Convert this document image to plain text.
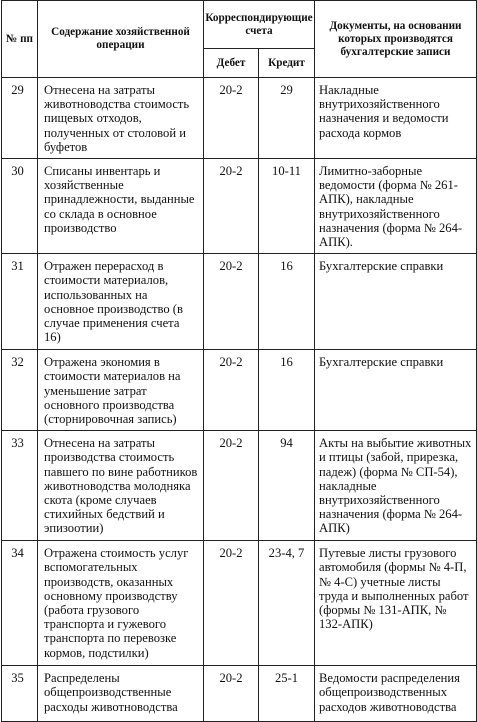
№ пп	Содержание хозяйственной операции	Корреспондирующие счета		Документы, на основании которых производятся бухгалтерские записи
		Дебет	Кредит	
29	Отнесена на затраты животноводства стоимость пищевых отходов, полученных от столовой и буфетов	20-2	29	Накладные внутрихозяйственного назначения и ведомости расхода кормов
30	Списаны инвентарь и хозяйственные принадлежности, выданные со склада в основное производство	20-2	10-11	Лимитно-заборные ведомости (форма № 261-АПК), накладные внутрихозяйственного назначения (форма № 264-АПК).
31	Отражен перерасход в стоимости материалов, использованных на основное производство (в случае применения счета 16)	20-2	16	Бухгалтерские справки
32	Отражена экономия в стоимости материалов на уменьшение затрат основного производства (сторнировочная запись)	20-2	16	Бухгалтерские справки
33	Отнесена на затраты производства стоимость павшего по вине работников животноводства молодняка скота (кроме случаев стихийных бедствий и эпизоотии)	20-2	94	Акты на выбытие животных и птицы (забой, прирезка, падеж) (форма № СП-54), накладные внутрихозяйственного назначения (форма № 264-АПК)
34	Отражена стоимость услуг вспомогательных производств, оказанных основному производству (работа грузового транспорта и гужевого транспорта по перевозке кормов, подстилки)	20-2	23-4, 7	Путевые листы грузового автомобиля (формы № 4-П, № 4-С) учетные листы труда и выполненных работ (формы № 131-АПК, № 132-АПК)
35	Распределены общепроизводственные расходы животноводства	20-2	25-1	Ведомости распределения общепроизводственных расходов животноводства
